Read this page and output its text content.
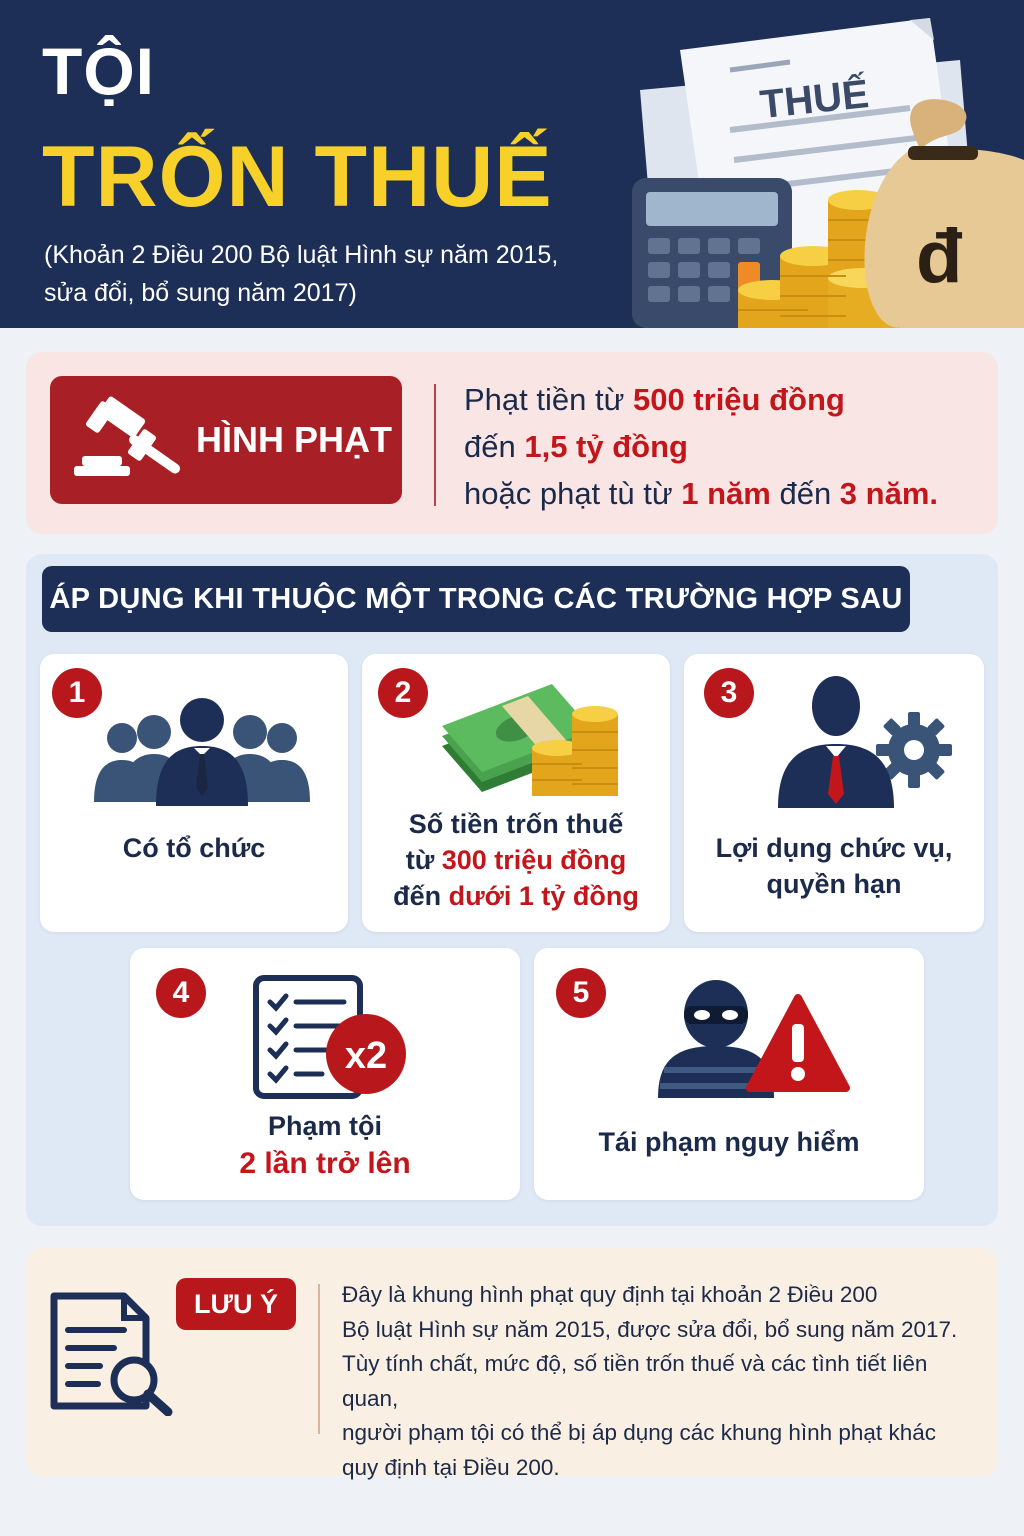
TỘI
TRỐN THUẾ
(Khoản 2 Điều 200 Bộ luật Hình sự năm 2015,
sửa đổi, bổ sung năm 2017)
THUẾ
đ
HÌNH PHẠT
Phạt tiền từ 500 triệu đồng
đến 1,5 tỷ đồng
hoặc phạt tù từ 1 năm đến 3 năm.
ÁP DỤNG KHI THUỘC MỘT TRONG CÁC TRƯỜNG HỢP SAU
1
Có tổ chức
2
Số tiền trốn thuế
từ 300 triệu đồng
đến dưới 1 tỷ đồng
3
Lợi dụng chức vụ,
quyền hạn
4
x2
Phạm tội
2 lần trở lên
5
Tái phạm nguy hiểm
LƯU Ý	Đây là khung hình phạt quy định tại khoản 2 Điều 200
Bộ luật Hình sự năm 2015, được sửa đổi, bổ sung năm 2017.
Tùy tính chất, mức độ, số tiền trốn thuế và các tình tiết liên quan,
người phạm tội có thể bị áp dụng các khung hình phạt khác
quy định tại Điều 200.
